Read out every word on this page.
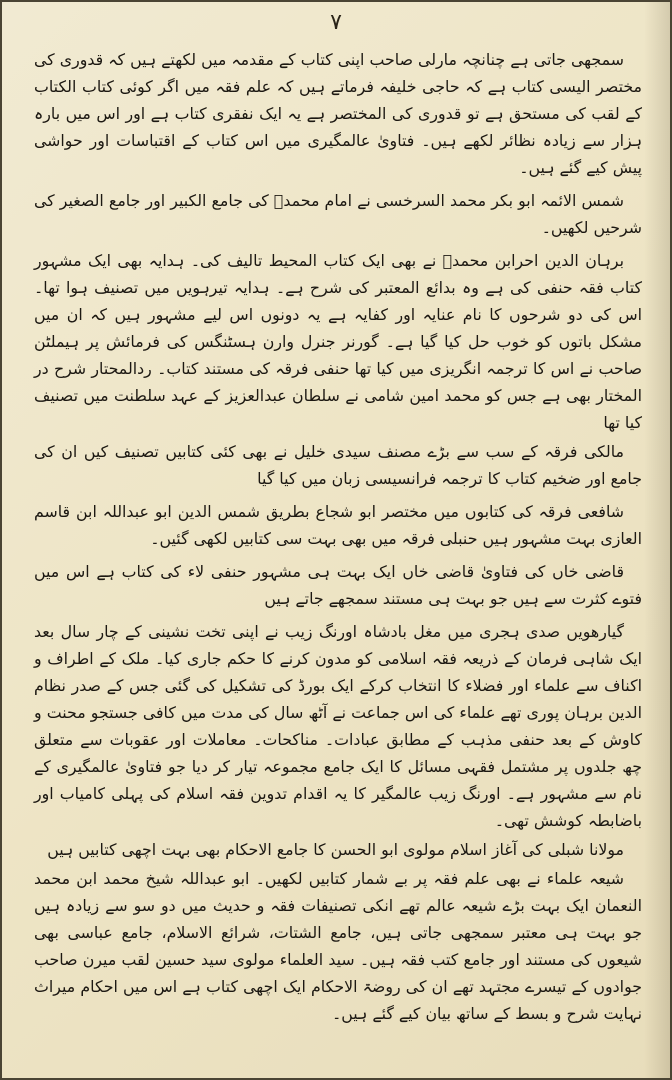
۷

سمجھی جاتی ہے چنانچہ مارلی صاحب اپنی کتاب کے مقدمہ میں لکھتے ہیں کہ قدوری کی مختصر الیسی کتاب ہے کہ حاجی خلیفہ فرماتے ہیں کہ علم فقہ میں اگر کوئی کتاب الکتاب کے لقب کی مستحق ہے تو قدوری کی المختصر ہے یہ ایک نفقری کتاب ہے اور اس میں بارہ ہزار سے زیادہ نظائر لکھے ہیں۔ فتاویٰ عالمگیری میں اس کتاب کے اقتباسات اور حواشی پیش کیے گئے ہیں۔

شمس الائمہ ابو بکر محمد السرخسی نے امام محمدؒ کی جامع الکبیر اور جامع الصغیر کی شرحیں لکھیں۔

برہان الدین احرابن محمدؒ نے بھی ایک کتاب المحیط تالیف کی۔ ہدایہ بھی ایک مشہور کتاب فقہ حنفی کی ہے وہ بدائع المعتبر کی شرح ہے۔ ہدایہ تیرہویں میں تصنیف ہوا تھا۔ اس کی دو شرحوں کا نام عنایہ اور کفایہ ہے یہ دونوں اس لیے مشہور ہیں کہ ان میں مشکل باتوں کو خوب حل کیا گیا ہے۔ گورنر جنرل وارن ہسٹنگس کی فرمائش پر ہیملٹن صاحب نے اس کا ترجمہ انگریزی میں کیا تھا حنفی فرقہ کی مستند کتاب۔ ردالمحتار شرح در المختار بھی ہے جس کو محمد امین شامی نے سلطان عبدالعزیز کے عہد سلطنت میں تصنیف کیا تھا

مالکی فرقہ کے سب سے بڑے مصنف سیدی خلیل نے بھی کئی کتابیں تصنیف کیں ان کی جامع اور ضخیم کتاب کا ترجمہ فرانسیسی زبان میں کیا گیا

شافعی فرقہ کی کتابوں میں مختصر ابو شجاع بطریق شمس الدین ابو عبداللہ ابن قاسم العازی بہت مشہور ہیں حنبلی فرقہ میں بھی بہت سی کتابیں لکھی گئیں۔

قاضی خاں کی فتاویٰ قاضی خاں ایک بہت ہی مشہور حنفی لاء کی کتاب ہے اس میں فتوے کثرت سے ہیں جو بہت ہی مستند سمجھے جاتے ہیں

گیارھویں صدی ہجری میں مغل بادشاہ اورنگ زیب نے اپنی تخت نشینی کے چار سال بعد ایک شاہی فرمان کے ذریعہ فقہ اسلامی کو مدون کرنے کا حکم جاری کیا۔ ملک کے اطراف و اکناف سے علماء اور فضلاء کا انتخاب کرکے ایک بورڈ کی تشکیل کی گئی جس کے صدر نظام الدین برہان پوری تھے علماء کی اس جماعت نے آٹھ سال کی مدت میں کافی جستجو محنت و کاوش کے بعد حنفی مذہب کے مطابق عبادات۔ مناکحات۔ معاملات اور عقوبات سے متعلق چھ جلدوں پر مشتمل فقہی مسائل کا ایک جامع مجموعہ تیار کر دیا جو فتاویٰ عالمگیری کے نام سے مشہور ہے۔ اورنگ زیب عالمگیر کا یہ اقدام تدوین فقہ اسلام کی پہلی کامیاب اور باضابطہ کوشش تھی۔

مولانا شبلی کی آغاز اسلام مولوی ابو الحسن کا جامع الاحکام بھی بہت اچھی کتابیں ہیں

شیعہ علماء نے بھی علم فقہ پر بے شمار کتابیں لکھیں۔ ابو عبداللہ شیخ محمد ابن محمد النعمان ایک بہت بڑے شیعہ عالم تھے انکی تصنیفات فقہ و حدیث میں دو سو سے زیادہ ہیں جو بہت ہی معتبر سمجھی جاتی ہیں، جامع الشتات، شرائع الاسلام، جامع عباسی بھی شیعوں کی مستند اور جامع کتب فقہ ہیں۔ سید العلماء مولوی سید حسین لقب میرن صاحب جوادوں کے تیسرے مجتہد تھے ان کی روضۃ الاحکام ایک اچھی کتاب ہے اس میں احکام میراث نہایت شرح و بسط کے ساتھ بیان کیے گئے ہیں۔
